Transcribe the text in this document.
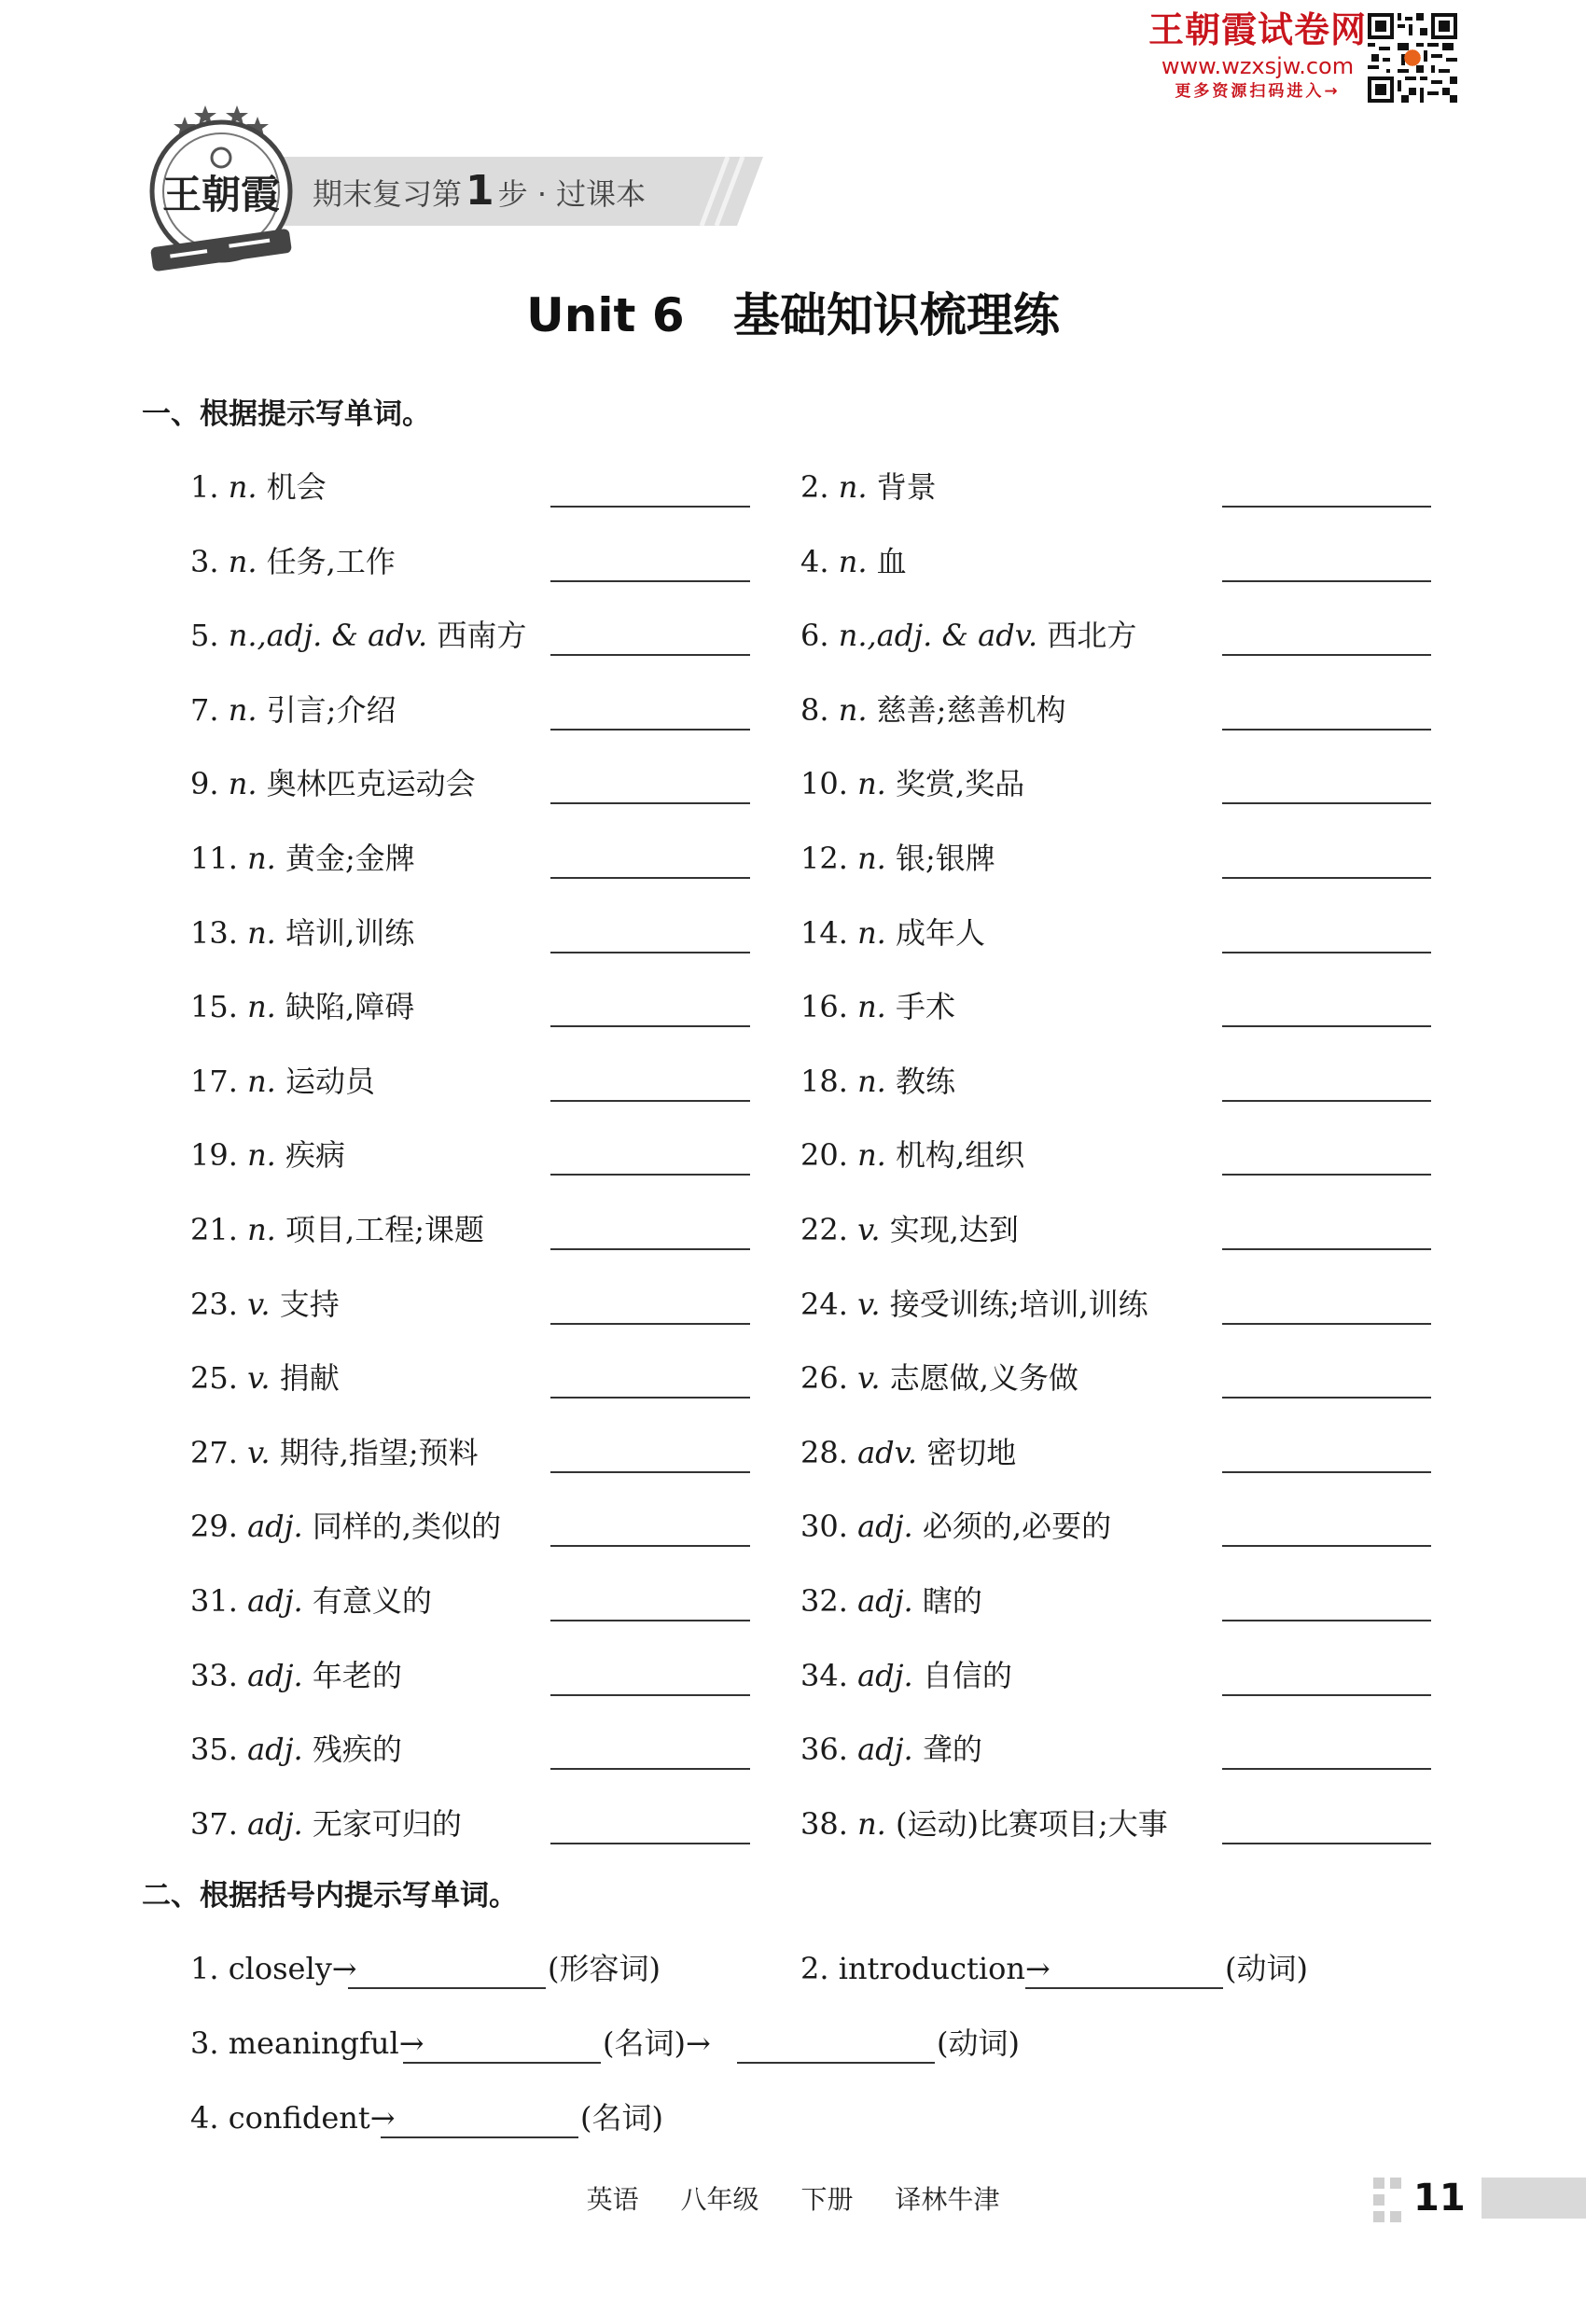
王朝霞试卷网
www.wzxsjw.com
更多资源扫码进入→
期末复习第1 步 · 过课本
王朝霞
Unit 6   基础知识梳理练
一、根据提示写单词。
1. n. 机会	2. n. 背景
3. n. 任务,工作	4. n. 血
5. n.,adj. & adv. 西南方	6. n.,adj. & adv. 西北方
7. n. 引言;介绍	8. n. 慈善;慈善机构
9. n. 奥林匹克运动会	10. n. 奖赏,奖品
11. n. 黄金;金牌	12. n. 银;银牌
13. n. 培训,训练	14. n. 成年人
15. n. 缺陷,障碍	16. n. 手术
17. n. 运动员	18. n. 教练
19. n. 疾病	20. n. 机构,组织
21. n. 项目,工程;课题	22. v. 实现,达到
23. v. 支持	24. v. 接受训练;培训,训练
25. v. 捐献	26. v. 志愿做,义务做
27. v. 期待,指望;预料	28. adv. 密切地
29. adj. 同样的,类似的	30. adj. 必须的,必要的
31. adj. 有意义的	32. adj. 瞎的
33. adj. 年老的	34. adj. 自信的
35. adj. 残疾的	36. adj. 聋的
37. adj. 无家可归的	38. n. (运动)比赛项目;大事
二、根据括号内提示写单词。
1. closely→	(形容词)	2. introduction→	(动词)
3. meaningful→	(名词)→	(动词)
4. confident→	(名词)
英语 八年级 下册 译林牛津	11
